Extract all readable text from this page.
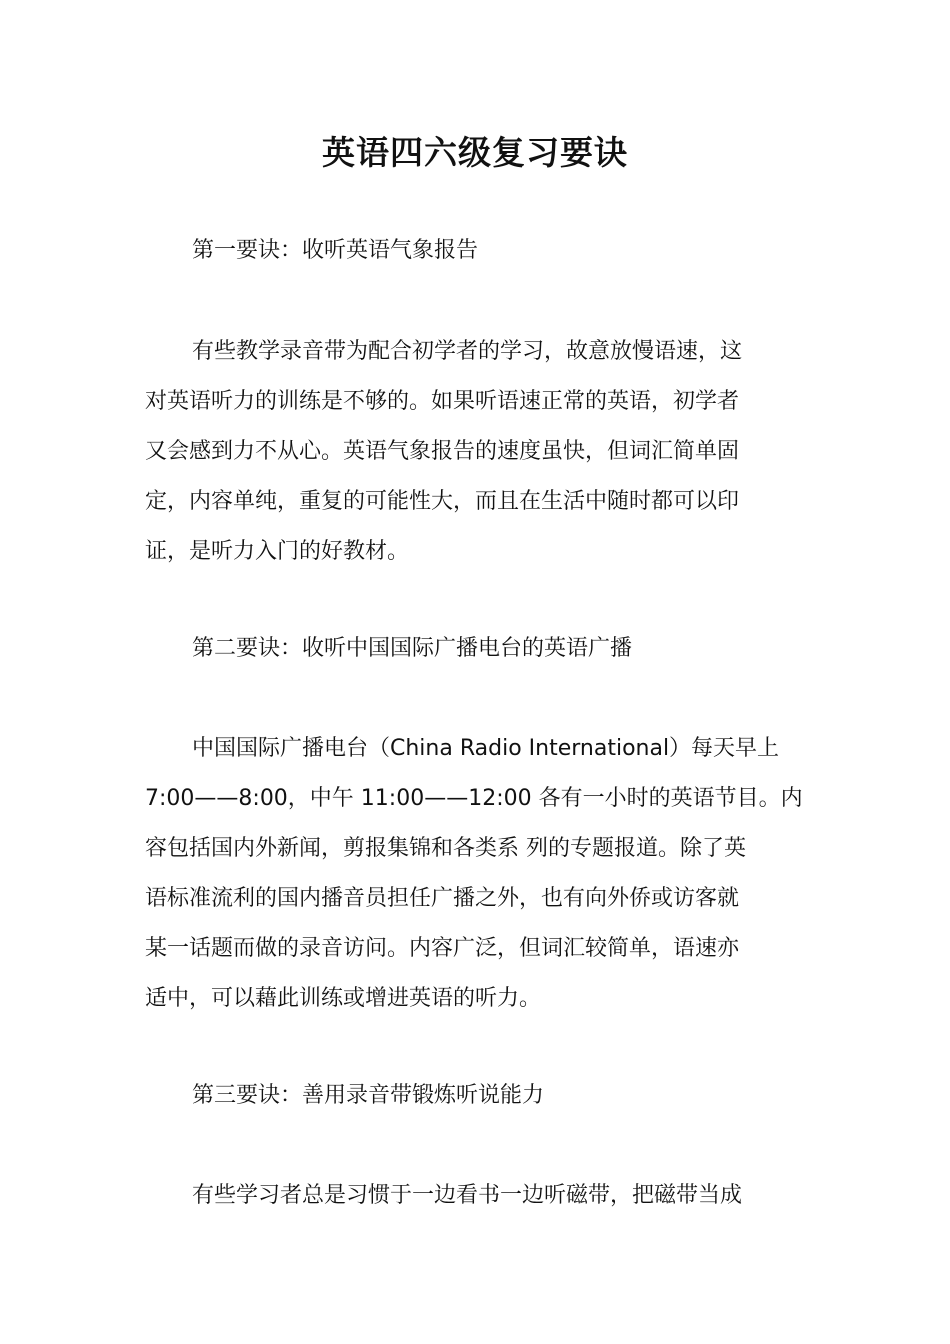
英语四六级复习要诀
第一要诀：收听英语气象报告

有些教学录音带为配合初学者的学习，故意放慢语速，这
对英语听力的训练是不够的。如果听语速正常的英语，初学者
又会感到力不从心。英语气象报告的速度虽快，但词汇简单固
定，内容单纯，重复的可能性大，而且在生活中随时都可以印
证，是听力入门的好教材。

第二要诀：收听中国国际广播电台的英语广播

中国国际广播电台（China Radio International）每天早上
7:00——8:00，中午 11:00——12:00 各有一小时的英语节目。内
容包括国内外新闻，剪报集锦和各类系 列的专题报道。除了英
语标准流利的国内播音员担任广播之外，也有向外侨或访客就
某一话题而做的录音访问。内容广泛，但词汇较简单，语速亦
适中，可以藉此训练或增进英语的听力。

第三要诀：善用录音带锻炼听说能力

有些学习者总是习惯于一边看书一边听磁带，把磁带当成
